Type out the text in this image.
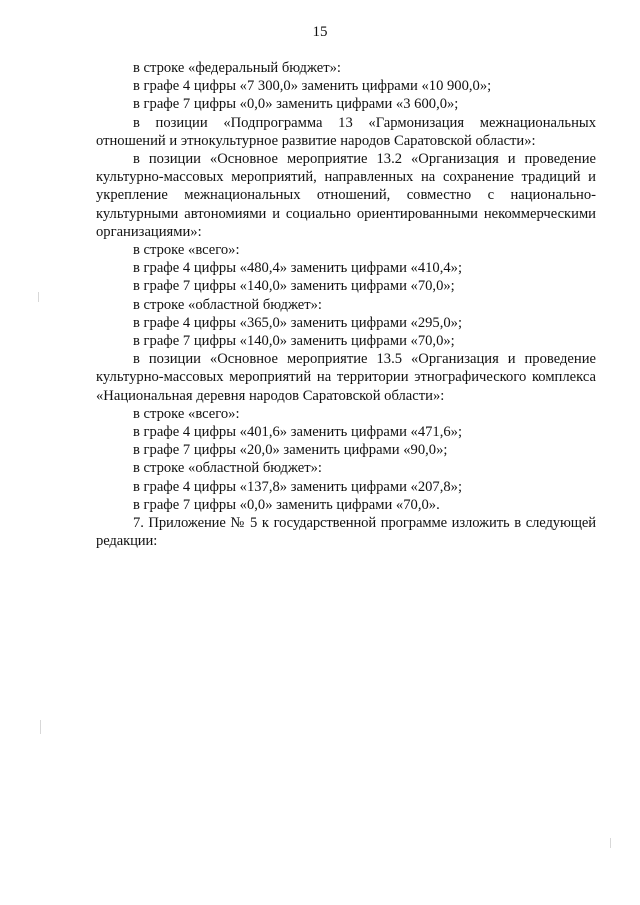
15

в строке «федеральный бюджет»:

в графе 4 цифры «7 300,0» заменить цифрами «10 900,0»;

в графе 7 цифры «0,0» заменить цифрами «3 600,0»;

в позиции «Подпрограмма 13 «Гармонизация межнациональных отношений и этнокультурное развитие народов Саратовской области»:

в позиции «Основное мероприятие 13.2 «Организация и проведение культурно-массовых мероприятий, направленных на сохранение традиций и укрепление межнациональных отношений, совместно с национально-культурными автономиями и социально ориентированными некоммерческими организациями»:

в строке «всего»:

в графе 4 цифры «480,4» заменить цифрами «410,4»;

в графе 7 цифры «140,0» заменить цифрами «70,0»;

в строке «областной бюджет»:

в графе 4 цифры «365,0» заменить цифрами «295,0»;

в графе 7 цифры «140,0» заменить цифрами «70,0»;

в позиции «Основное мероприятие 13.5 «Организация и проведение культурно-массовых мероприятий на территории этнографического комплекса «Национальная деревня народов Саратовской области»:

в строке «всего»:

в графе 4 цифры «401,6» заменить цифрами «471,6»;

в графе 7 цифры «20,0» заменить цифрами «90,0»;

в строке «областной бюджет»:

в графе 4 цифры «137,8» заменить цифрами «207,8»;

в графе 7 цифры «0,0» заменить цифрами «70,0».

7. Приложение № 5 к государственной программе изложить в следующей редакции:
